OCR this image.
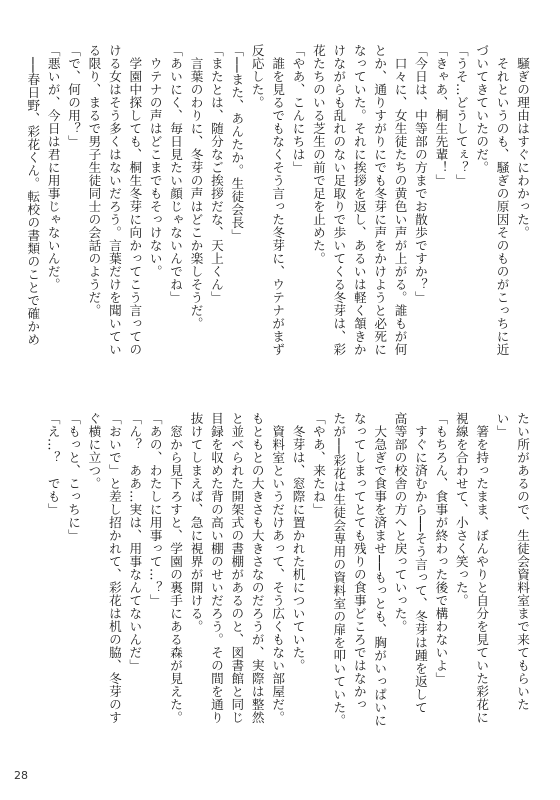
　騒ぎの理由はすぐにわかった。

　それというのも、騒ぎの原因そのものがこっちに近

づいてきていたのだ。

「うそ…どうしてぇ？」

「きゃあ、桐生先輩！」

「今日は、中等部の方までお散歩ですか？」

　口々に、女生徒たちの黄色い声が上がる。誰もが何

とか、通りすがりにでも冬芽に声をかけようと必死に

なっていた。それに挨拶を返し、あるいは軽く頷きか

けながらも乱れのない足取りで歩いてくる冬芽は、彩

花たちのいる芝生の前で足を止めた。

「やあ、こんにちは」

　誰を見るでもなくそう言った冬芽に、ウテナがまず

反応した。

「──また、あんたか。生徒会長」

「またとは、随分なご挨拶だな、天上くん」

　言葉のわりに、冬芽の声はどこか楽しそうだ。

「あいにく、毎日見たい顔じゃないんでね」

　ウテナの声はどこまでもそっけない。

　学園中探しても、桐生冬芽に向かってこう言っての

ける女はそう多くはないだろう。言葉だけを聞いてい

る限り、まるで男子生徒同士の会話のようだ。

「で、何の用？」

「悪いが、今日は君に用事じゃないんだ。

　──春日野、彩花くん。転校の書類のことで確かめ

たい所があるので、生徒会資料室まで来てもらいた

い」

　箸を持ったまま、ぼんやりと自分を見ていた彩花に

視線を合わせて、小さく笑った。

「もちろん、食事が終わった後で構わないよ」

　すぐに済むから──そう言って、冬芽は踵を返して

高等部の校舎の方へと戻っていった。

　大急ぎで食事を済ませ──もっとも、胸がいっぱいに

なってしまってとても残りの食事どころではなかっ

たが──彩花は生徒会専用の資料室の扉を叩いていた。

「やあ、来たね」

　冬芽は、窓際に置かれた机についていた。

　資料室というだけあって、そう広くもない部屋だ。

もともとの大きさも大きさなのだろうが、実際は整然

と並べられた開架式の書棚があるのと、図書館と同じ

目録を収めた背の高い棚のせいだろう。その間を通り

抜けてしまえば、急に視界が開ける。

　窓から見下ろすと、学園の裏手にある森が見えた。

「あの、わたしに用事って…？」

「ん？　ああ…実は、用事なんてないんだ」

「おいで」と差し招かれて、彩花は机の脇、冬芽のす

ぐ横に立つ。

「もっと、こっちに」

「え…？　でも」

28
